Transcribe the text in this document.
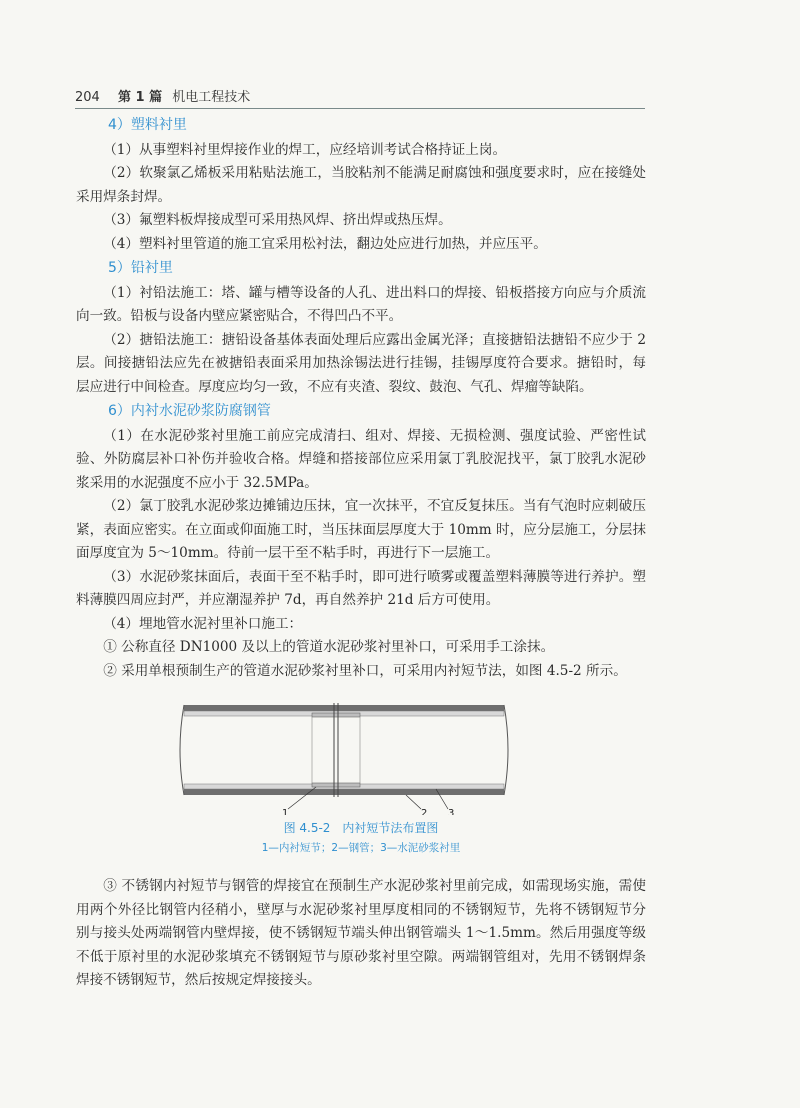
204 第 1 篇 机电工程技术
4）塑料衬里

（1）从事塑料衬里焊接作业的焊工，应经培训考试合格持证上岗。

（2）软聚氯乙烯板采用粘贴法施工，当胶粘剂不能满足耐腐蚀和强度要求时，应在接缝处采用焊条封焊。

（3）氟塑料板焊接成型可采用热风焊、挤出焊或热压焊。

（4）塑料衬里管道的施工宜采用松衬法，翻边处应进行加热，并应压平。

5）铅衬里

（1）衬铅法施工：塔、罐与槽等设备的人孔、进出料口的焊接、铅板搭接方向应与介质流向一致。铅板与设备内壁应紧密贴合，不得凹凸不平。

（2）搪铅法施工：搪铅设备基体表面处理后应露出金属光泽；直接搪铅法搪铅不应少于 2 层。间接搪铅法应先在被搪铅表面采用加热涂锡法进行挂锡，挂锡厚度符合要求。搪铅时，每层应进行中间检查。厚度应均匀一致，不应有夹渣、裂纹、鼓泡、气孔、焊瘤等缺陷。

6）内衬水泥砂浆防腐钢管

（1）在水泥砂浆衬里施工前应完成清扫、组对、焊接、无损检测、强度试验、严密性试验、外防腐层补口补伤并验收合格。焊缝和搭接部位应采用氯丁乳胶泥找平，氯丁胶乳水泥砂浆采用的水泥强度不应小于 32.5MPa。

（2）氯丁胶乳水泥砂浆边摊铺边压抹，宜一次抹平，不宜反复抹压。当有气泡时应刺破压紧，表面应密实。在立面或仰面施工时，当压抹面层厚度大于 10mm 时，应分层施工，分层抹面厚度宜为 5～10mm。待前一层干至不粘手时，再进行下一层施工。

（3）水泥砂浆抹面后，表面干至不粘手时，即可进行喷雾或覆盖塑料薄膜等进行养护。塑料薄膜四周应封严，并应潮湿养护 7d，再自然养护 21d 后方可使用。

（4）埋地管水泥衬里补口施工：

① 公称直径 DN1000 及以上的管道水泥砂浆衬里补口，可采用手工涂抹。

② 采用单根预制生产的管道水泥砂浆衬里补口，可采用内衬短节法，如图 4.5-2 所示。

1	2 3
图 4.5-2　内衬短节法布置图
1—内衬短节；2—钢管；3—水泥砂浆衬里

③ 不锈钢内衬短节与钢管的焊接宜在预制生产水泥砂浆衬里前完成，如需现场实施，需使用两个外径比钢管内径稍小，壁厚与水泥砂浆衬里厚度相同的不锈钢短节，先将不锈钢短节分别与接头处两端钢管内壁焊接，使不锈钢短节端头伸出钢管端头 1～1.5mm。然后用强度等级不低于原衬里的水泥砂浆填充不锈钢短节与原砂浆衬里空隙。两端钢管组对，先用不锈钢焊条焊接不锈钢短节，然后按规定焊接接头。
